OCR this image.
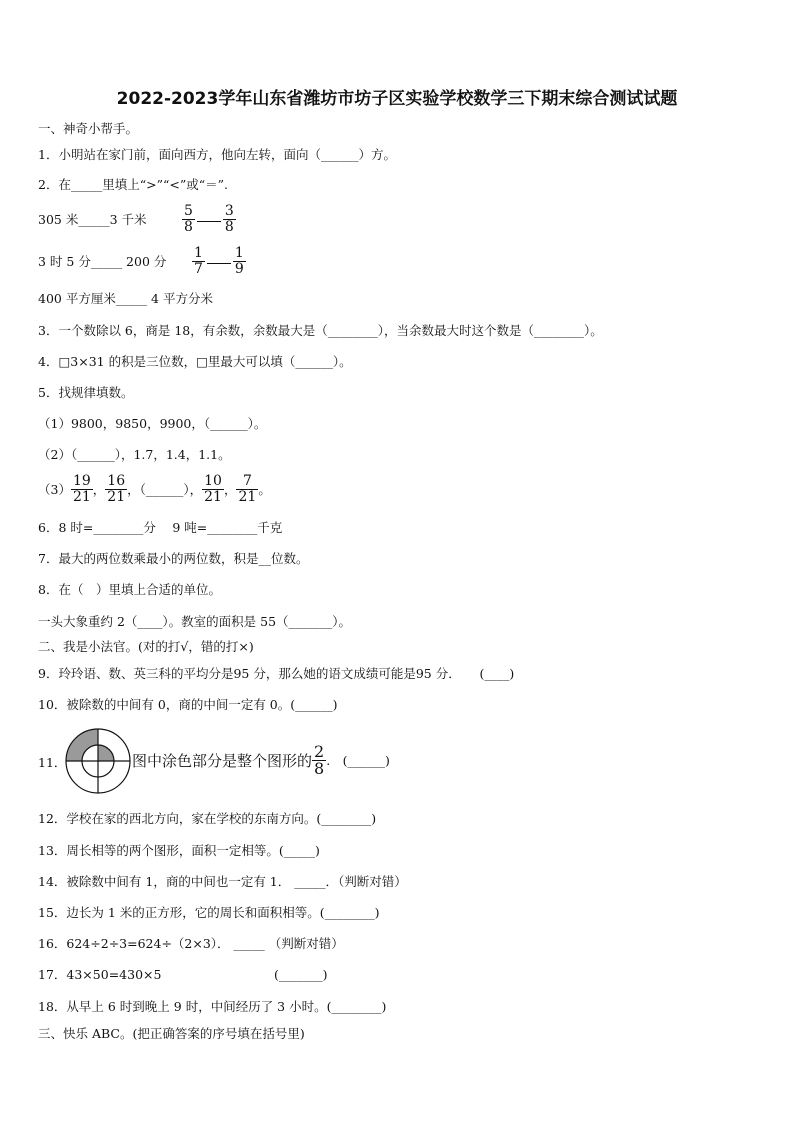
2022-2023学年山东省潍坊市坊子区实验学校数学三下期末综合测试试题
一、神奇小帮手。
1．小明站在家门前，面向西方，他向左转，面向（______）方。
2．在_____里填上“>”“<”或“＝”.
305 米_____3 千米	$\frac{5}{8} \frac{3}{8}$
3 时 5 分_____ 200 分 $\frac{1}{7} \frac{1}{9}$
400 平方厘米_____ 4 平方分米
3．一个数除以 6，商是 18，有余数，余数最大是（________），当余数最大时这个数是（________）。
4．□3×31 的积是三位数，□里最大可以填（______）。
5．找规律填数。
（1）9800，9850，9900，（______）。
（2）（______），1.7，1.4，1.1。
$(3) \frac{19}{21}$ ， $\frac{16}{21}$ ，（______）， $\frac{10}{21}$ ， $\frac{7}{21}$ 。
6．8 时=________分　 9 吨=________千克
7．最大的两位数乘最小的两位数，积是__位数。
8．在（　）里填上合适的单位。
一头大象重约 2（____）。教室的面积是 55（_______）。
二、我是小法官。(对的打√，错的打×)
9．玲玲语、数、英三科的平均分是95 分，那么她的语文成绩可能是95 分．　　(____)
10．被除数的中间有 0，商的中间一定有 0。(______)
11．	图中涂色部分是整个图形的 $\frac{2}{8}$ .　(______)
12．学校在家的西北方向，家在学校的东南方向。(________)
13．周长相等的两个图形，面积一定相等。(_____)
14．被除数中间有 1，商的中间也一定有 1． _____．（判断对错）
15．边长为 1 米的正方形，它的周长和面积相等。(________)
16．624÷2÷3=624÷（2×3）． _____ （判断对错）
17．43×50=430×5　　　　　　　　　(_______)
18．从早上 6 时到晚上 9 时，中间经历了 3 小时。(________)
三、快乐 ABC。(把正确答案的序号填在括号里)
